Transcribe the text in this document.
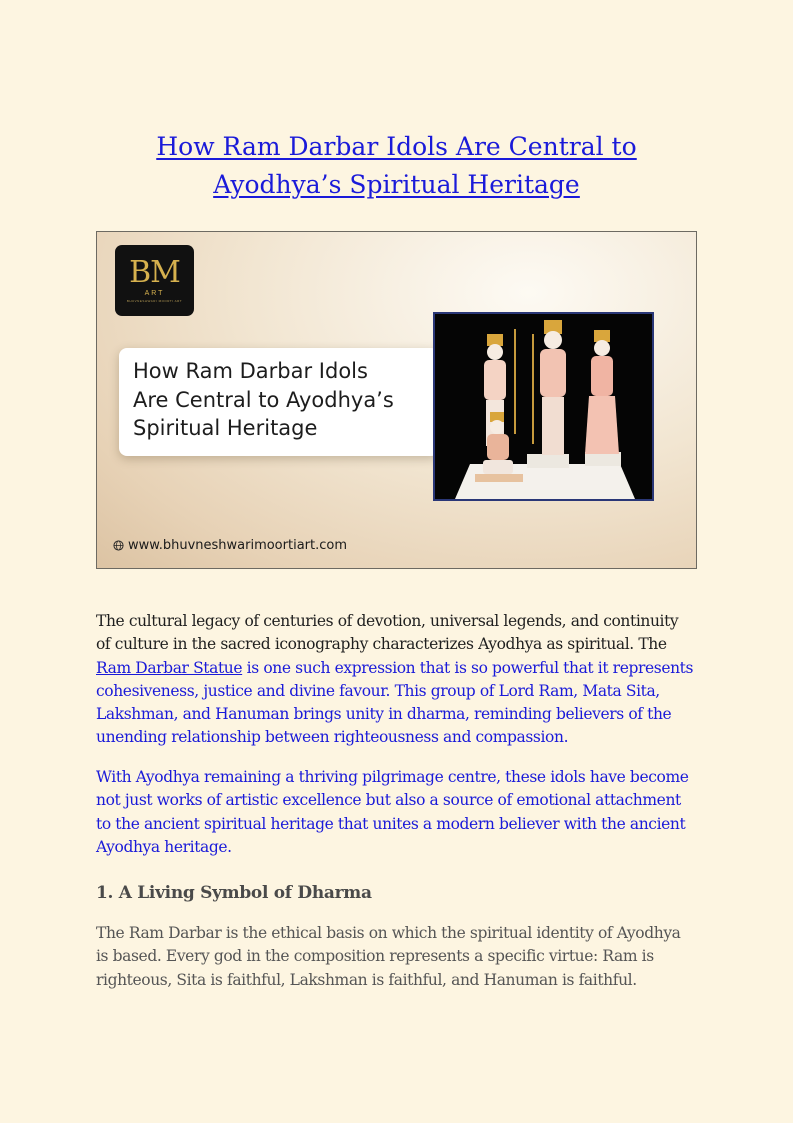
How Ram Darbar Idols Are Central to Ayodhya’s Spiritual Heritage
BM
ART
BHUVNESHWARI MOORTI ART

How Ram Darbar Idols
Are Central to Ayodhya’s
Spiritual Heritage

www.bhuvneshwarimoortiart.com

The cultural legacy of centuries of devotion, universal legends, and continuity of culture in the sacred iconography characterizes Ayodhya as spiritual. The Ram Darbar Statue is one such expression that is so powerful that it represents cohesiveness, justice and divine favour. This group of Lord Ram, Mata Sita, Lakshman, and Hanuman brings unity in dharma, reminding believers of the unending relationship between righteousness and compassion.

With Ayodhya remaining a thriving pilgrimage centre, these idols have become not just works of artistic excellence but also a source of emotional attachment to the ancient spiritual heritage that unites a modern believer with the ancient Ayodhya heritage.

1. A Living Symbol of Dharma

The Ram Darbar is the ethical basis on which the spiritual identity of Ayodhya is based. Every god in the composition represents a specific virtue: Ram is righteous, Sita is faithful, Lakshman is faithful, and Hanuman is faithful.
